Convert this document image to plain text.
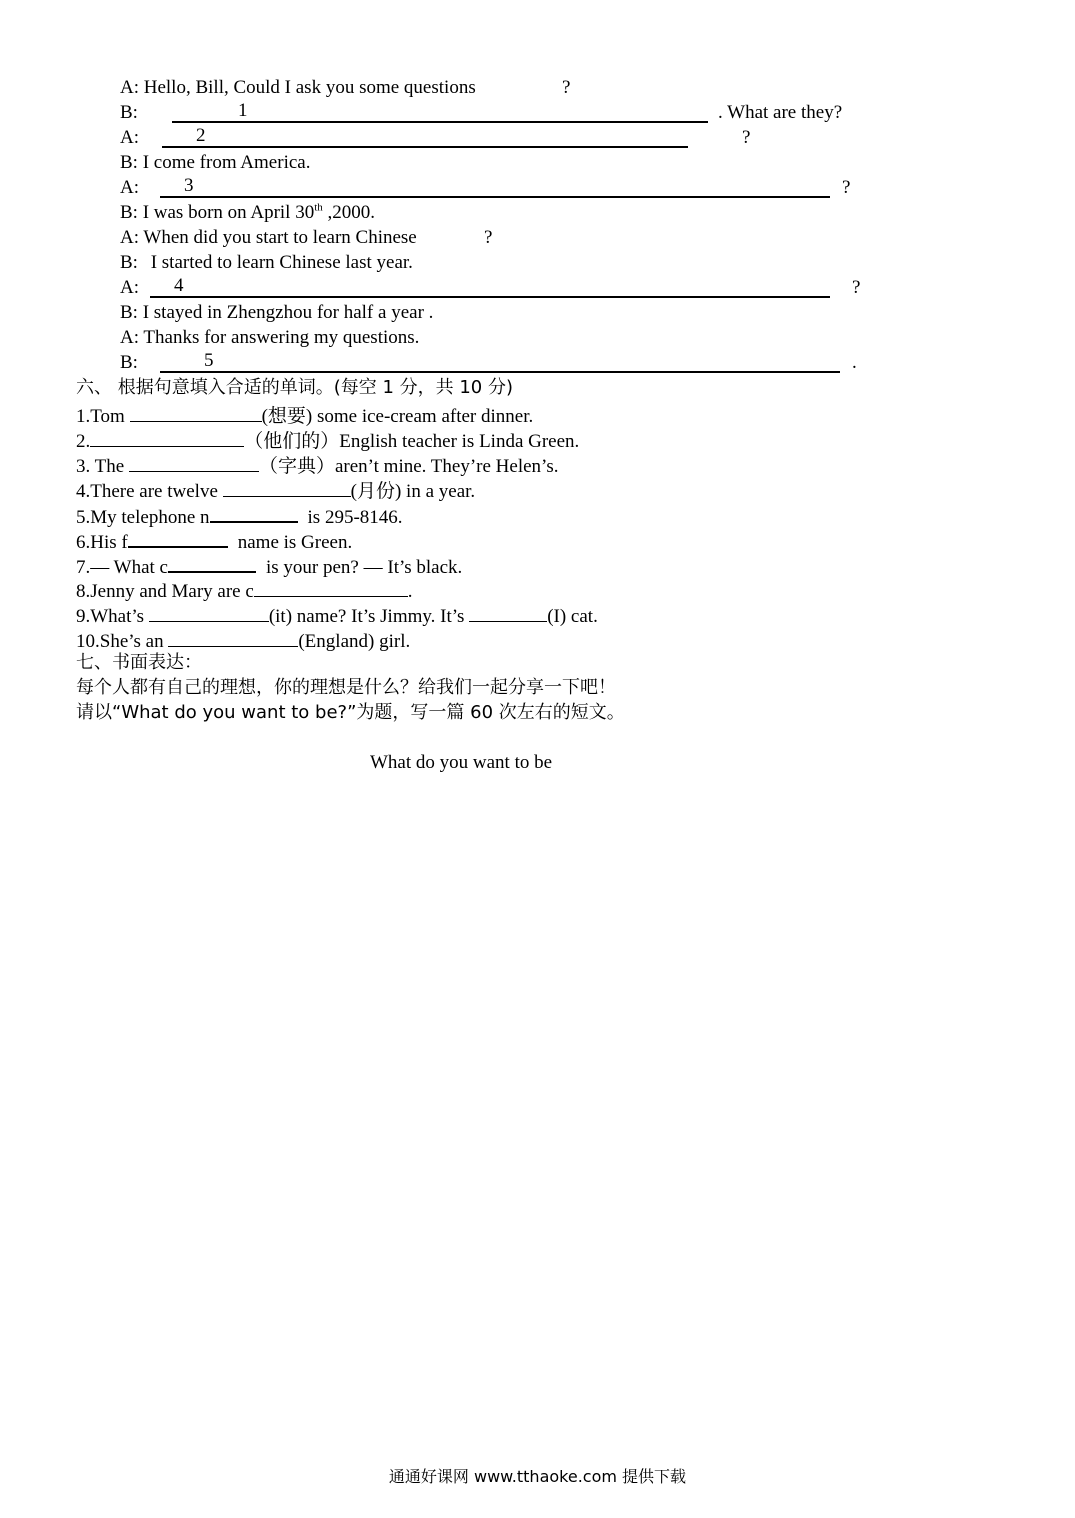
A: Hello, Bill, Could I ask you some questions	?
B:	1	. What are they?
A:	2	?
B: I come from America.
A: 3	?
B: I was born on April 30th ,2000.
A: When did you start to learn Chinese	?
B: I started to learn Chinese last year.
A: 4	?
B: I stayed in Zhengzhou for half a year .
A: Thanks for answering my questions.
B:	5	.
六、 根据句意填入合适的单词。(每空 1 分，共 10 分)
1.Tom	(想要) some ice-cream after dinner.
2.	（他们的）English teacher is Linda Green.
3. The	（字典）aren’t mine. They’re Helen’s.
4.There are twelve	(月份) in a year.
5.My telephone n	is 295-8146.
6.His f	name is Green.
7.— What c	is your pen? — It’s black.
8.Jenny and Mary are c	.
9.What’s	(it) name? It’s Jimmy. It’s	(I) cat.
10.She’s an	(England) girl.
七、书面表达：
每个人都有自己的理想，你的理想是什么？给我们一起分享一下吧！
请以“What do you want to be?”为题，写一篇 60 次左右的短文。
What do you want to be
通通好课网 www.tthaoke.com 提供下载
